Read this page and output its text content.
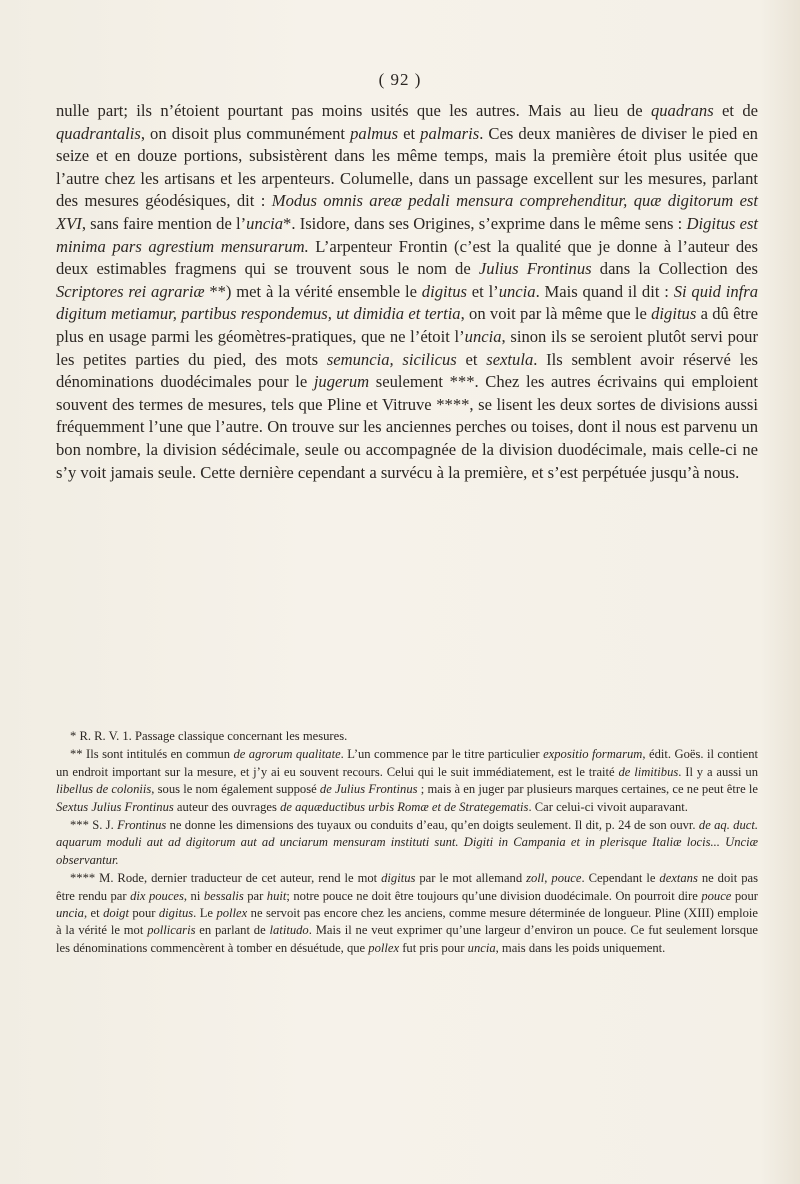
( 92 )

nulle part; ils n’étoient pourtant pas moins usités que les autres. Mais au lieu de quadrans et de quadrantalis, on disoit plus communément palmus et palmaris. Ces deux manières de diviser le pied en seize et en douze portions, subsistèrent dans les même temps, mais la première étoit plus usitée que l’autre chez les artisans et les arpenteurs. Columelle, dans un passage excellent sur les mesures, parlant des mesures géodésiques, dit : Modus omnis areæ pedali mensura comprehenditur, quæ digitorum est XVI, sans faire mention de l’uncia*. Isidore, dans ses Origines, s’exprime dans le même sens : Digitus est minima pars agrestium mensurarum. L’arpenteur Frontin (c’est la qualité que je donne à l’auteur des deux estimables fragmens qui se trouvent sous le nom de Julius Frontinus dans la Collection des Scriptores rei agrariæ **) met à la vérité ensemble le digitus et l’uncia. Mais quand il dit : Si quid infra digitum metiamur, partibus respondemus, ut dimidia et tertia, on voit par là même que le digitus a dû être plus en usage parmi les géomètres-pratiques, que ne l’étoit l’uncia, sinon ils se seroient plutôt servi pour les petites parties du pied, des mots semuncia, sicilicus et sextula. Ils semblent avoir réservé les dénominations duodécimales pour le jugerum seulement ***. Chez les autres écrivains qui emploient souvent des termes de mesures, tels que Pline et Vitruve ****, se lisent les deux sortes de divisions aussi fréquemment l’une que l’autre. On trouve sur les anciennes perches ou toises, dont il nous est parvenu un bon nombre, la division sédécimale, seule ou accompagnée de la division duodécimale, mais celle-ci ne s’y voit jamais seule. Cette dernière cependant a survécu à la première, et s’est perpétuée jusqu’à nous.

* R. R. V. 1. Passage classique concernant les mesures.

** Ils sont intitulés en commun de agrorum qualitate. L’un commence par le titre particulier expositio formarum, édit. Goës. il contient un endroit important sur la mesure, et j’y ai eu souvent recours. Celui qui le suit immédiatement, est le traité de limitibus. Il y a aussi un libellus de coloniis, sous le nom également supposé de Julius Frontinus ; mais à en juger par plusieurs marques certaines, ce ne peut être le Sextus Julius Frontinus auteur des ouvrages de aquæductibus urbis Romæ et de Strategematis. Car celui-ci vivoit auparavant.

*** S. J. Frontinus ne donne les dimensions des tuyaux ou conduits d’eau, qu’en doigts seulement. Il dit, p. 24 de son ouvr. de aq. duct. aquarum moduli aut ad digitorum aut ad unciarum mensuram instituti sunt. Digiti in Campania et in plerisque Italiæ locis... Unciæ observantur.

**** M. Rode, dernier traducteur de cet auteur, rend le mot digitus par le mot allemand zoll, pouce. Cependant le dextans ne doit pas être rendu par dix pouces, ni bessalis par huit; notre pouce ne doit être toujours qu’une division duodécimale. On pourroit dire pouce pour uncia, et doigt pour digitus. Le pollex ne servoit pas encore chez les anciens, comme mesure déterminée de longueur. Pline (XIII) emploie à la vérité le mot pollicaris en parlant de latitudo. Mais il ne veut exprimer qu’une largeur d’environ un pouce. Ce fut seulement lorsque les dénominations commencèrent à tomber en désuétude, que pollex fut pris pour uncia, mais dans les poids uniquement.
